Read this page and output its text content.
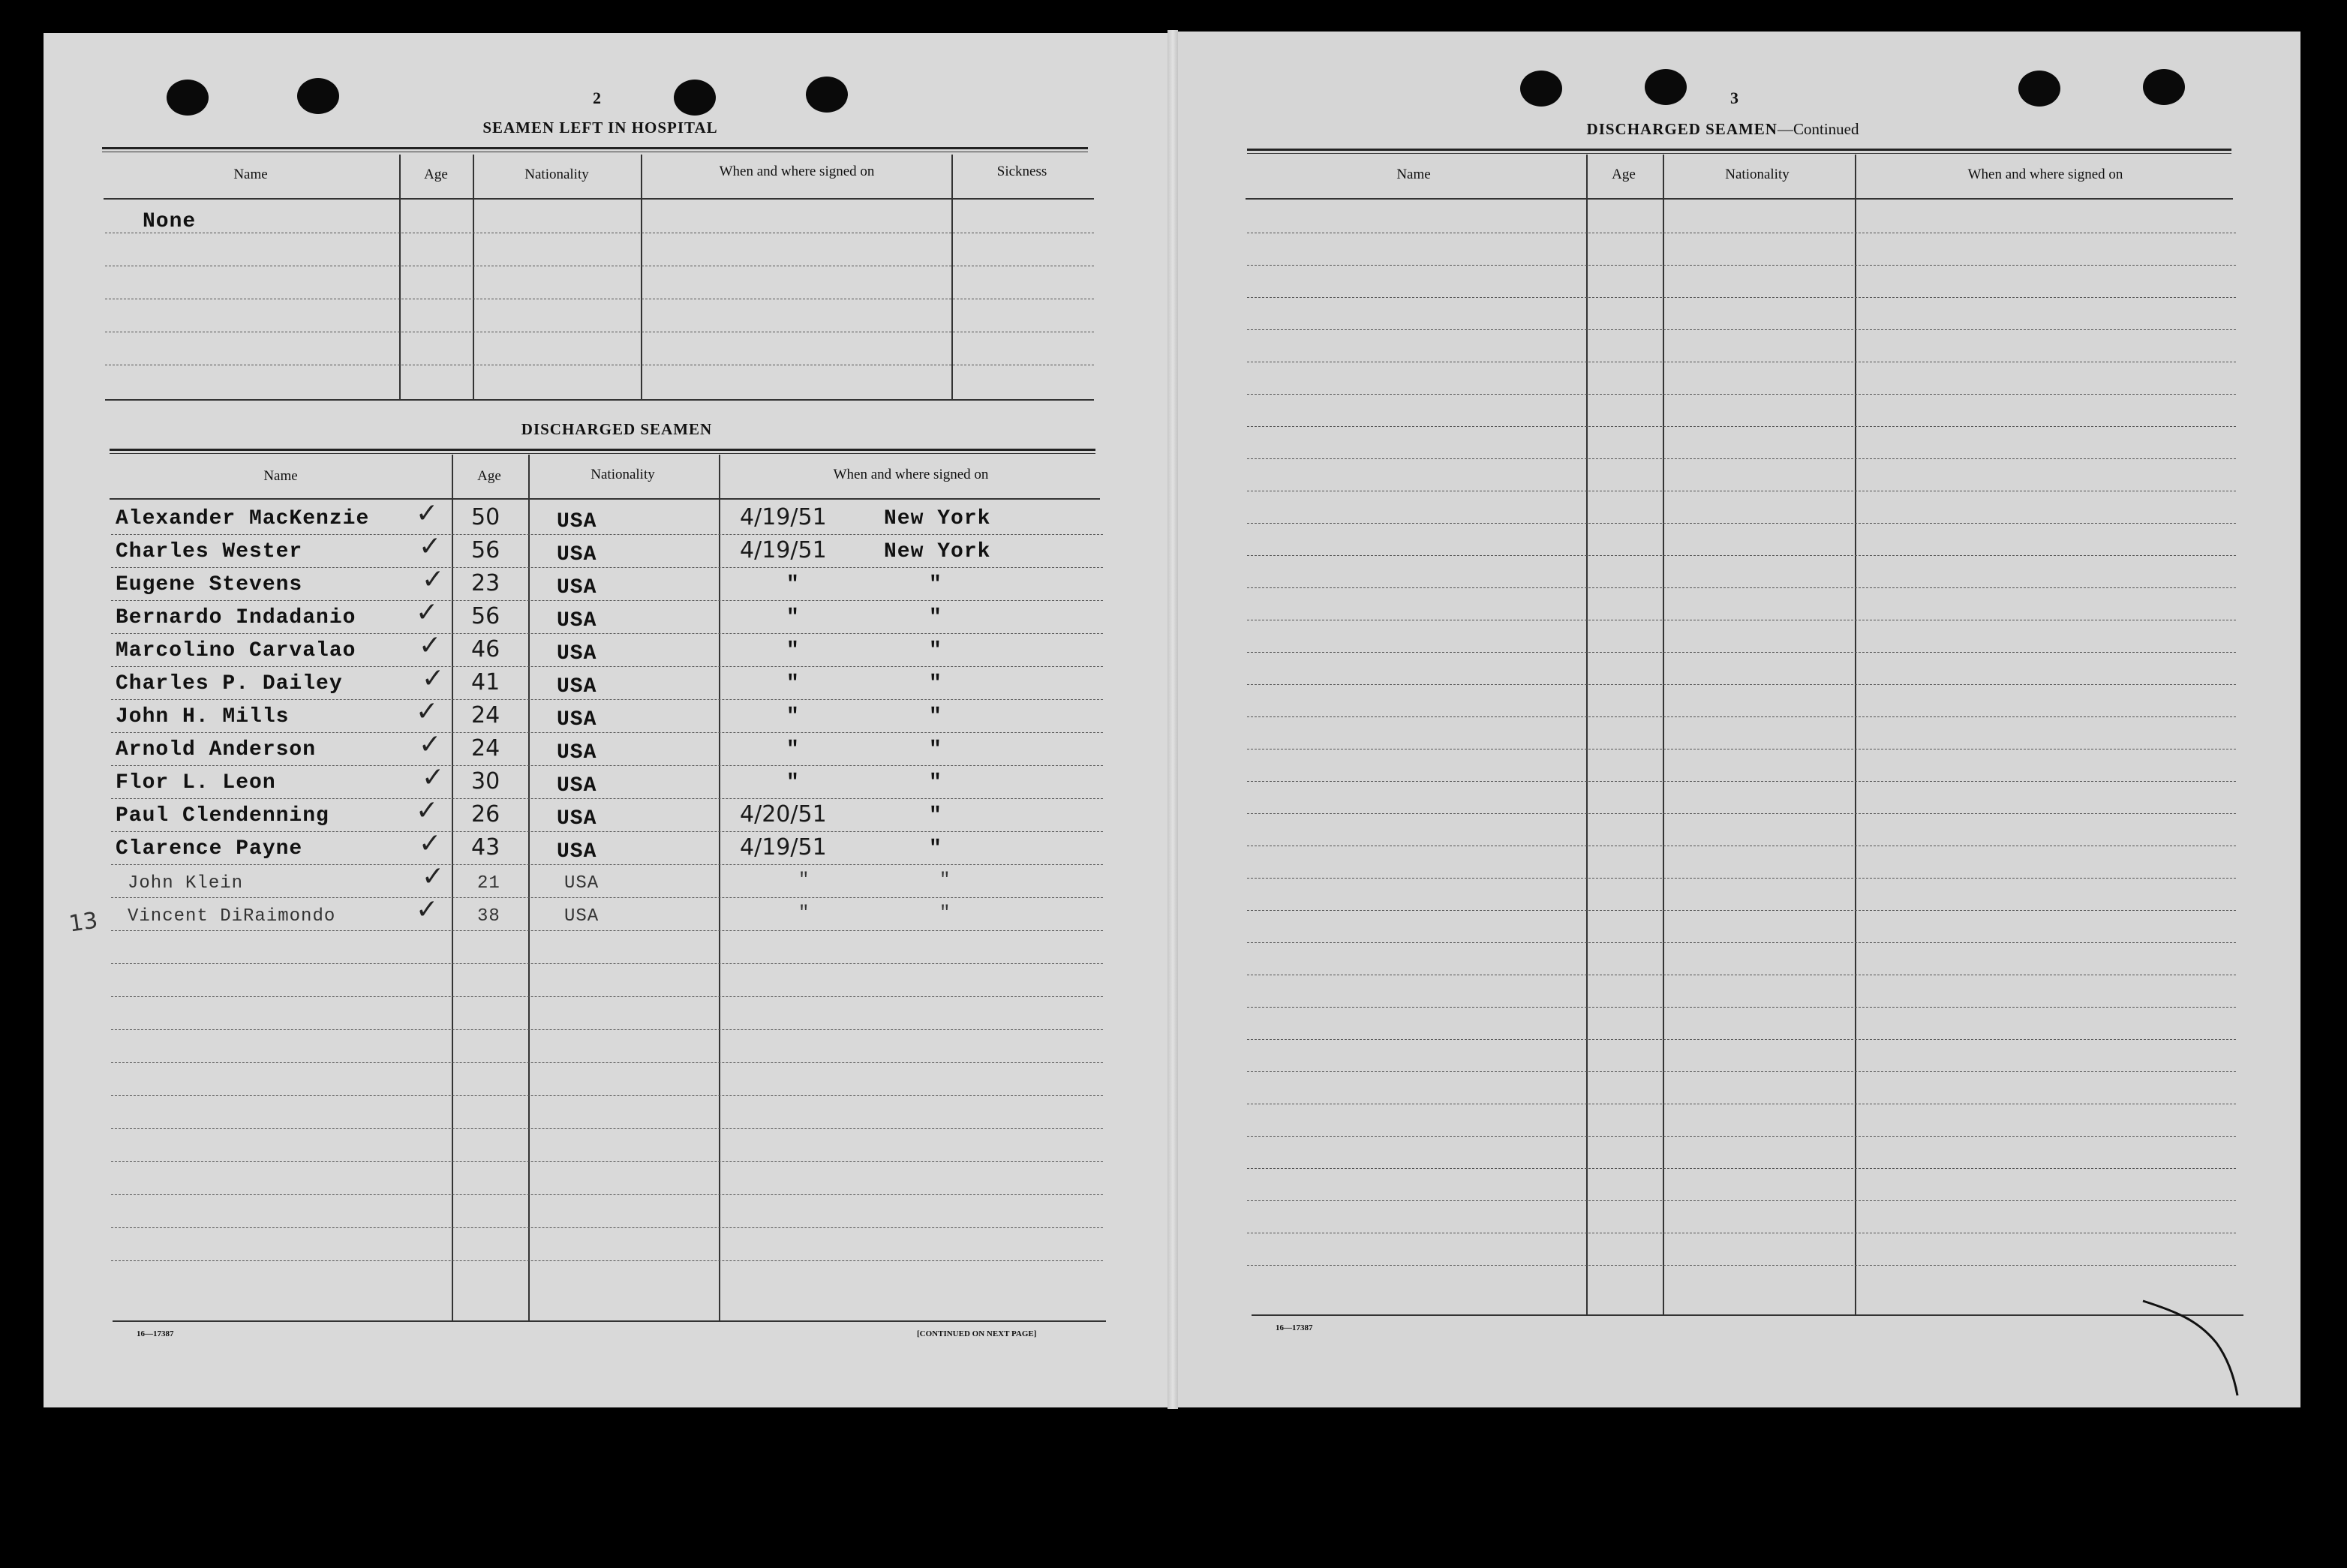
2
SEAMEN LEFT IN HOSPITAL
Name	Age	Nationality	When and where signed on	Sickness
None
DISCHARGED SEAMEN
Name	Age	Nationality	When and where signed on
Alexander MacKenzie	50	USA	4/19/51	New York
✓
Charles Wester	56	USA	4/19/51	New York
✓
Eugene Stevens	23	USA	"	"
✓
Bernardo Indadanio	56	USA	"	"
✓
Marcolino Carvalao	46	USA	"	"
✓
Charles P. Dailey	41	USA	"	"
✓
John H. Mills	24	USA	"	"
✓
Arnold Anderson	24	USA	"	"
✓
Flor L. Leon	30	USA	"	"
✓
Paul Clendenning	26	USA	4/20/51	"
✓
Clarence Payne	43	USA	4/19/51	"
✓
John Klein	21	USA	"	"
✓
Vincent DiRaimondo	38	USA	"	"
✓
16—17387	[CONTINUED ON NEXT PAGE]
13
3
DISCHARGED SEAMEN—Continued
Name	Age	Nationality	When and where signed on
16—17387
